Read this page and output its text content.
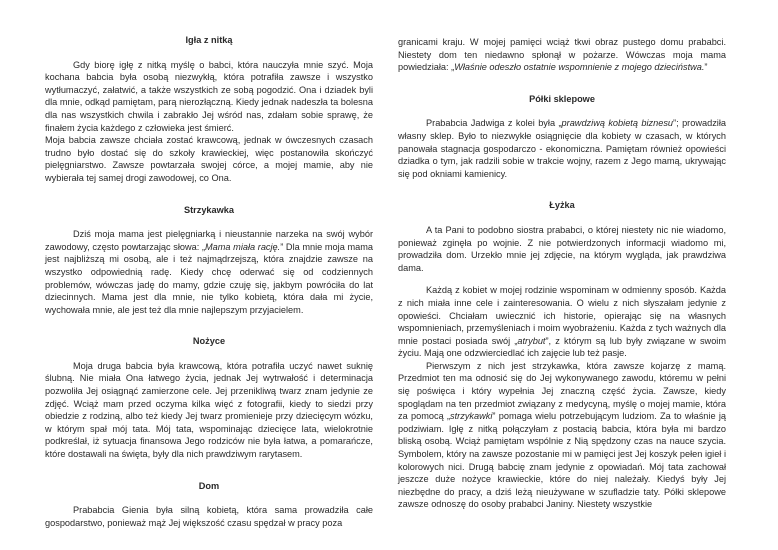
Igła z nitką

Gdy biorę igłę z nitką myślę o babci, która nauczyła mnie szyć. Moja kochana babcia była osobą niezwykłą, która potrafiła zawsze i wszystko wytłumaczyć, załatwić, a także wszystkich ze sobą pogodzić. Ona i dziadek byli dla mnie, odkąd pamiętam, parą nierozłączną. Kiedy jednak nadeszła ta bolesna dla nas wszystkich chwila i zabrakło Jej wśród nas, zdałam sobie sprawę, że finałem życia każdego z człowieka jest śmierć.

Moja babcia zawsze chciała zostać krawcową, jednak w ówczesnych czasach trudno było dostać się do szkoły krawieckiej, więc postanowiła skończyć pielęgniarstwo. Zawsze powtarzała swojej córce, a mojej mamie, aby nie wybierała tej samej drogi zawodowej, co Ona.

Strzykawka

Dziś moja mama jest pielęgniarką i nieustannie narzeka na swój wybór zawodowy, często powtarzając słowa: „Mama miała rację.” Dla mnie moja mama jest najbliższą mi osobą, ale i też najmądrzejszą, która znajdzie zawsze na wszystko odpowiednią radę. Kiedy chcę oderwać się od codziennych problemów, wówczas jadę do mamy, gdzie czuję się, jakbym powróciła do lat dziecinnych. Mama jest dla mnie, nie tylko kobietą, która dała mi życie, wychowała mnie, ale jest też dla mnie najlepszym przyjacielem.

Nożyce

Moja druga babcia była krawcową, która potrafiła uczyć nawet suknię ślubną. Nie miała Ona łatwego życia, jednak Jej wytrwałość i determinacja pozwoliła Jej osiągnąć zamierzone cele. Jej przenikliwą twarz znam jedynie ze zdjęć. Wciąż mam przed oczyma kilka więć z fotografii, kiedy to siedzi przy obiedzie z rodziną, albo też kiedy Jej twarz promienieje przy dziecięcym wózku, w którym spał mój tata. Mój tata, wspominając dziecięce lata, wielokrotnie podkreślał, iż sytuacja finansowa Jego rodziców nie była łatwa, a pomarańcze, które dostawali na święta, były dla nich prawdziwym rarytasem.

Dom

Prababcia Gienia była silną kobietą, która sama prowadziła całe gospodarstwo, ponieważ mąż Jej większość czasu spędzał w pracy poza

granicami kraju. W mojej pamięci wciąż tkwi obraz pustego domu prababci. Niestety dom ten niedawno spłonął w pożarze. Wówczas moja mama powiedziała: „Właśnie odeszło ostatnie wspomnienie z mojego dzieciństwa.”

Półki sklepowe

Prababcia Jadwiga z kolei była „prawdziwą kobietą biznesu”; prowadziła własny sklep. Było to niezwykłe osiągnięcie dla kobiety w czasach, w których panowała stagnacja gospodarczo - ekonomiczna. Pamiętam również opowieści dziadka o tym, jak radzili sobie w trakcie wojny, razem z Jego mamą, ukrywając się pod okniami kamienicy.

Łyżka

A ta Pani to podobno siostra prababci, o której niestety nic nie wiadomo, ponieważ zginęła po wojnie. Z nie potwierdzonych informacji wiadomo mi, prowadziła dom. Urzekło mnie jej zdjęcie, na którym wygląda, jak prawdziwa dama.

Każdą z kobiet w mojej rodzinie wspominam w odmienny sposób. Każda z nich miała inne cele i zainteresowania. O wielu z nich słyszałam jedynie z opowieści. Chciałam uwiecznić ich historie, opierając się na własnych wspomnieniach, przemyśleniach i moim wyobrażeniu. Każda z tych ważnych dla mnie postaci posiada swój „atrybut”, z którym są lub były związane w swoim życiu. Mają one odzwierciedlać ich zajęcie lub też pasje.

Pierwszym z nich jest strzykawka, która zawsze kojarzę z mamą. Przedmiot ten ma odnosić się do Jej wykonywanego zawodu, któremu w pełni się poświęca i który wypełnia Jej znaczną część życia. Zawsze, kiedy spoglądam na ten przedmiot związany z medycyną, myślę o mojej mamie, która za pomocą „strzykawki” pomaga wielu potrzebującym ludziom. Za to właśnie ją podziwiam. Igłę z nitką połączyłam z postacią babcia, która była mi bardzo bliską osobą. Wciąż pamiętam wspólnie z Nią spędzony czas na nauce szycia. Symbolem, który na zawsze pozostanie mi w pamięci jest Jej koszyk pełen igieł i kolorowych nici. Drugą babcię znam jedynie z opowiadań. Mój tata zachował jeszcze duże nożyce krawieckie, które do niej należały. Kiedyś były Jej niezbędne do pracy, a dziś leżą nieużywane w szufladzie taty. Półki sklepowe zawsze odnoszę do osoby prababci Janiny. Niestety wszystkie
